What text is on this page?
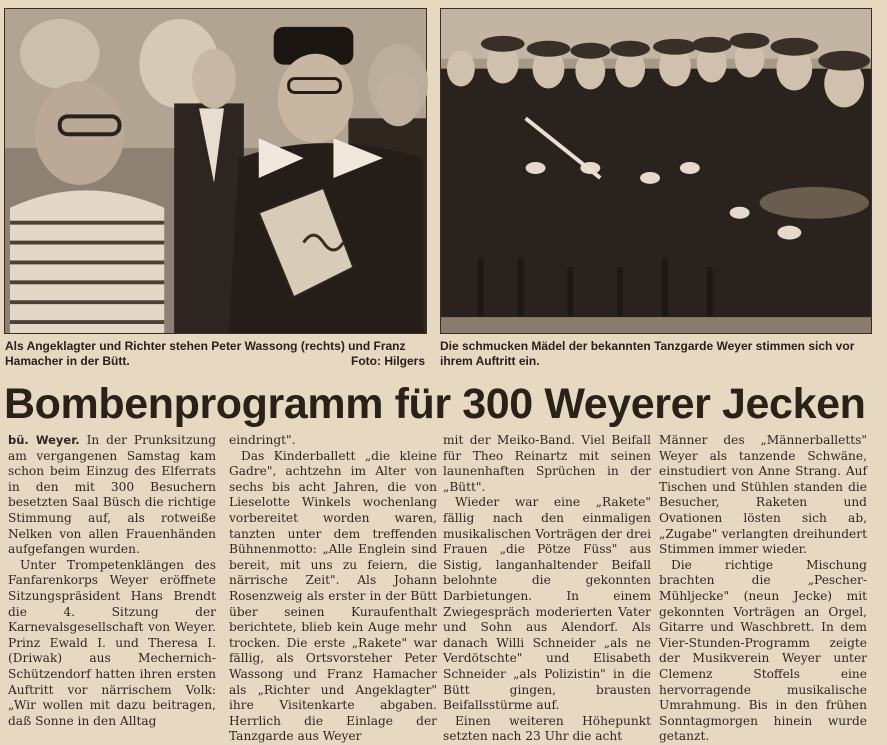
Als Angeklagter und Richter stehen Peter Wassong (rechts) und Franz Hamacher in der Bütt.	Foto: Hilgers
Die schmucken Mädel der bekannten Tanzgarde Weyer stimmen sich vor ihrem Auftritt ein.
Bombenprogramm für 300 Weyerer Jecken

bü. Weyer. In der Prunksitzung am vergangenen Samstag kam schon beim Einzug des Elferrats in den mit 300 Besuchern besetzten Saal Büsch die richtige Stimmung auf, als rotweiße Nelken von allen Frauenhänden aufgefangen wurden.

Unter Trompetenklängen des Fanfarenkorps Weyer eröffnete Sitzungspräsident Hans Brendt die 4. Sitzung der Karnevalsgesellschaft von Weyer. Prinz Ewald I. und Theresa I. (Driwak) aus Mechernich-Schützendorf hatten ihren ersten Auftritt vor närrischem Volk: „Wir wollen mit dazu beitragen, daß Sonne in den Alltag

eindringt".

Das Kinderballett „die kleine Gadre", achtzehn im Alter von sechs bis acht Jahren, die von Lieselotte Winkels wochenlang vorbereitet worden waren, tanzten unter dem treffenden Bühnenmotto: „Alle Englein sind bereit, mit uns zu feiern, die närrische Zeit". Als Johann Rosenzweig als erster in der Bütt über seinen Kuraufenthalt berichtete, blieb kein Auge mehr trocken. Die erste „Rakete" war fällig, als Ortsvorsteher Peter Wassong und Franz Hamacher als „Richter und Angeklagter" ihre Visitenkarte abgaben. Herrlich die Einlage der Tanzgarde aus Weyer

mit der Meiko-Band. Viel Beifall für Theo Reinartz mit seinen launenhaften Sprüchen in der „Bütt".

Wieder war eine „Rakete" fällig nach den einmaligen musikalischen Vorträgen der drei Frauen „die Pötze Füss" aus Sistig, langanhaltender Beifall belohnte die gekonnten Darbietungen. In einem Zwiegespräch moderierten Vater und Sohn aus Alendorf. Als danach Willi Schneider „als ne Verdötschte" und Elisabeth Schneider „als Polizistin" in die Bütt gingen, brausten Beifallsstürme auf.

Einen weiteren Höhepunkt setzten nach 23 Uhr die acht

Männer des „Männerballetts" Weyer als tanzende Schwäne, einstudiert von Anne Strang. Auf Tischen und Stühlen standen die Besucher, Raketen und Ovationen lösten sich ab, „Zugabe" verlangten dreihundert Stimmen immer wieder.

Die richtige Mischung brachten die „Pescher-Mühljecke" (neun Jecke) mit gekonnten Vorträgen an Orgel, Gitarre und Waschbrett. In dem Vier-Stunden-Programm zeigte der Musikverein Weyer unter Clemenz Stoffels eine hervorragende musikalische Umrahmung. Bis in den frühen Sonntagmorgen hinein wurde getanzt.
